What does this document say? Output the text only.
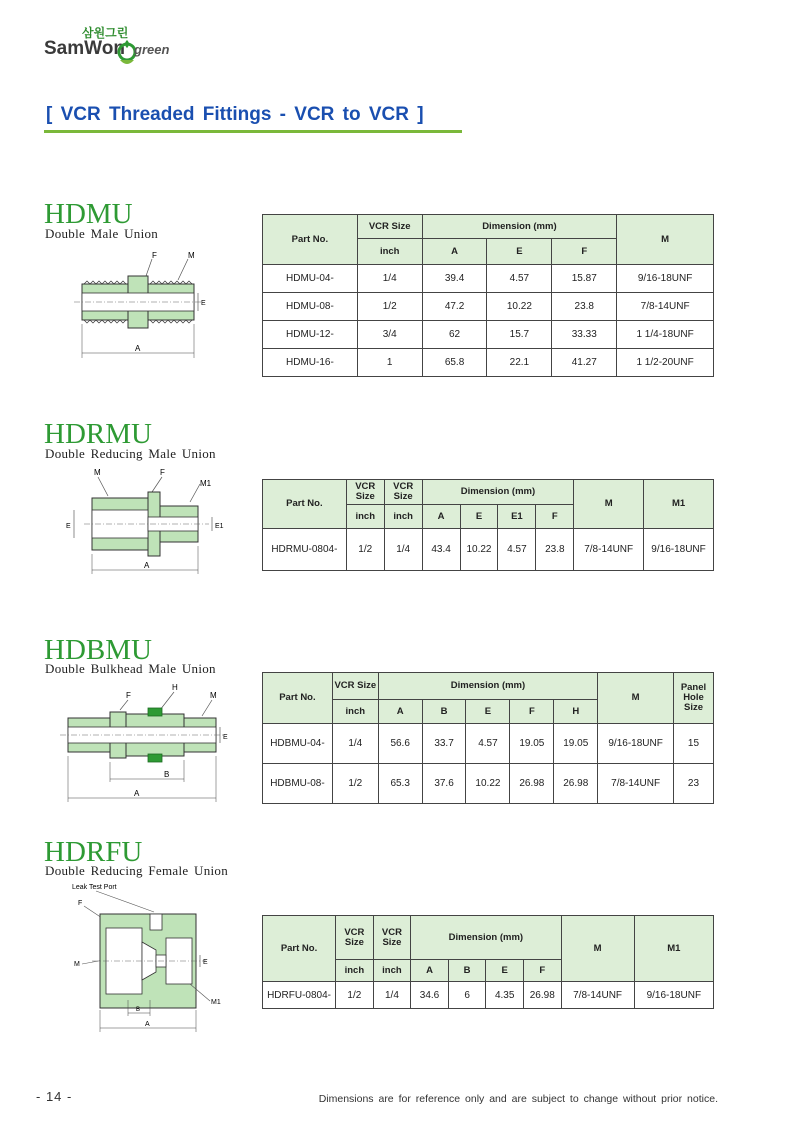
삼원그린
SamWon green
[ VCR Threaded Fittings - VCR to VCR ]
HDMU
Double Male Union
F	M
E
A
Part No.	VCR Size	Dimension (mm)			M
	inch	A	E	F	
HDMU-04-	1/4	39.4	4.57	15.87	9/16-18UNF
HDMU-08-	1/2	47.2	10.22	23.8	7/8-14UNF
HDMU-12-	3/4	62	15.7	33.33	1 1/4-18UNF
HDMU-16-	1	65.8	22.1	41.27	1 1/2-20UNF
HDRMU
Double Reducing Male Union
M	F
M1
E	E1
A
Part No.	VCR Size	VCR Size	Dimension (mm)				M	M1
	inch	inch	A	E	E1	F		
HDRMU-0804-	1/2	1/4	43.4	10.22	4.57	23.8	7/8-14UNF	9/16-18UNF
HDBMU
Double Bulkhead Male Union
F
H
M
E
B
A
Part No.	VCR Size	Dimension (mm)					M	Panel Hole Size
	inch	A	B	E	F	H		
HDBMU-04-	1/4	56.6	33.7	4.57	19.05	19.05	9/16-18UNF	15
HDBMU-08-	1/2	65.3	37.6	10.22	26.98	26.98	7/8-14UNF	23
HDRFU
Double Reducing Female Union
Leak Test Port
F
M	E
M1
B
A
Part No.	VCR Size	VCR Size	Dimension (mm)				M	M1
	inch	inch	A	B	E	F		
HDRFU-0804-	1/2	1/4	34.6	6	4.35	26.98	7/8-14UNF	9/16-18UNF
- 14 -	Dimensions are for reference only and are subject to change without prior notice.
